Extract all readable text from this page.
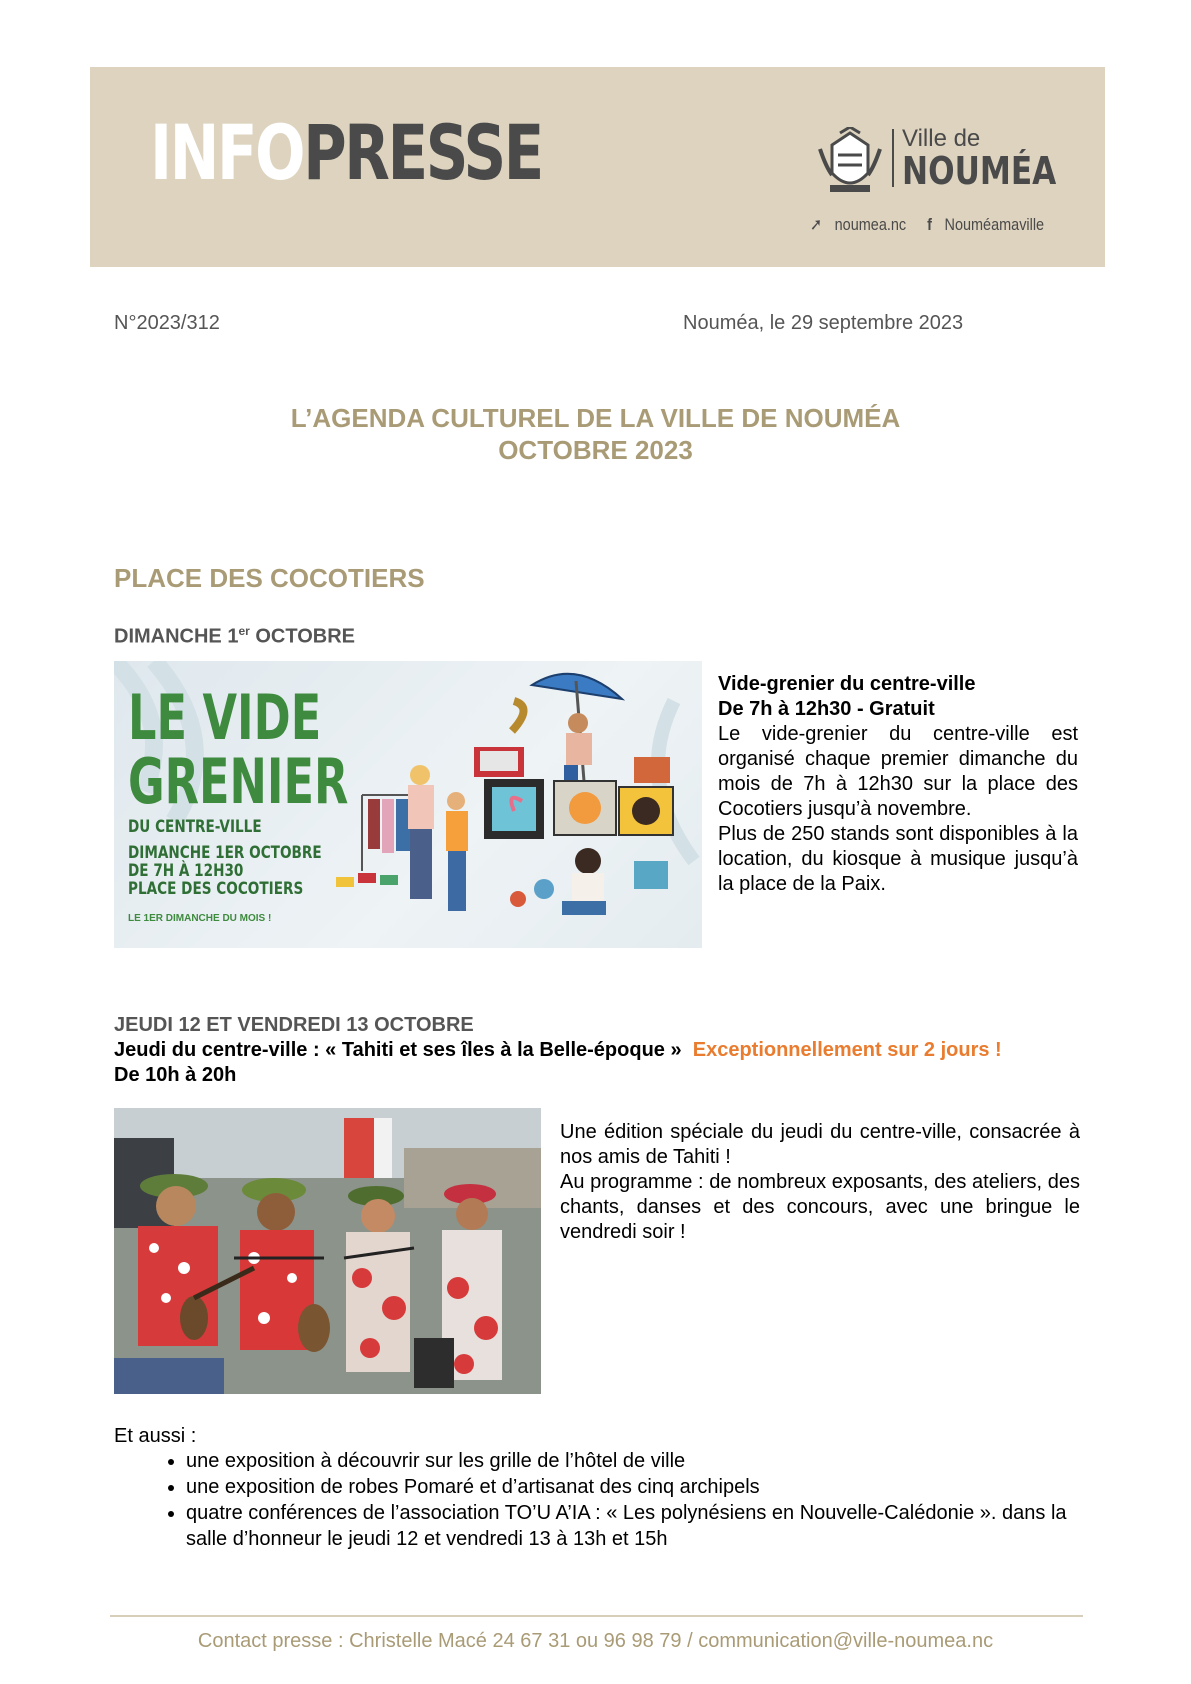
INFOPRESSE	Ville de
NOUMÉA
➚ noumea.nc f Nouméamaville
N°2023/312	Nouméa, le 29 septembre 2023
L’AGENDA CULTUREL DE LA VILLE DE NOUMÉA
OCTOBRE 2023
PLACE DES COCOTIERS
DIMANCHE 1er OCTOBRE
LE VIDE
GRENIER
DU CENTRE-VILLE
DIMANCHE 1ER OCTOBRE
DE 7H À 12H30
PLACE DES COCOTIERS
LE 1ER DIMANCHE DU MOIS !
Vide-grenier du centre-ville
De 7h à 12h30 - Gratuit
Le vide-grenier du centre-ville est organisé chaque premier dimanche du mois de 7h à 12h30 sur la place des Cocotiers jusqu’à novembre.
Plus de 250 stands sont disponibles à la location, du kiosque à musique jusqu’à la place de la Paix.
JEUDI 12 ET VENDREDI 13 OCTOBRE
Jeudi du centre-ville : « Tahiti et ses îles à la Belle-époque » Exceptionnellement sur 2 jours !
De 10h à 20h
Une édition spéciale du jeudi du centre-ville, consacrée à nos amis de Tahiti !
Au programme : de nombreux exposants, des ateliers, des chants, danses et des concours, avec une bringue le vendredi soir !
Et aussi :
• une exposition à découvrir sur les grille de l’hôtel de ville
• une exposition de robes Pomaré et d’artisanat des cinq archipels
• quatre conférences de l’association TO’U A’IA : « Les polynésiens en Nouvelle-Calédonie ». dans la salle d’honneur le jeudi 12 et vendredi 13 à 13h et 15h
Contact presse : Christelle Macé 24 67 31 ou 96 98 79 / communication@ville-noumea.nc
